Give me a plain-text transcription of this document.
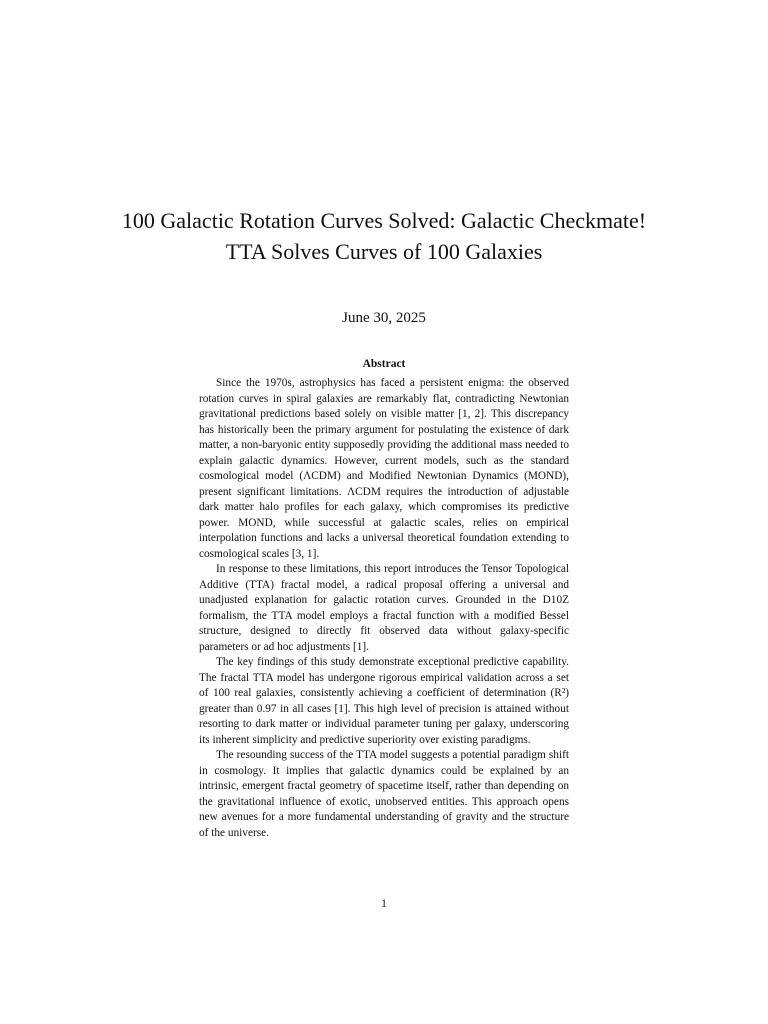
100 Galactic Rotation Curves Solved: Galactic Checkmate! TTA Solves Curves of 100 Galaxies
June 30, 2025
Abstract

Since the 1970s, astrophysics has faced a persistent enigma: the observed rotation curves in spiral galaxies are remarkably flat, contradicting Newtonian gravitational predictions based solely on visible matter [1, 2]. This discrepancy has historically been the primary argument for postulating the existence of dark matter, a non-baryonic entity supposedly providing the additional mass needed to explain galactic dynamics. However, current models, such as the standard cosmological model (ΛCDM) and Modified Newtonian Dynamics (MOND), present significant limitations. ΛCDM requires the introduction of adjustable dark matter halo profiles for each galaxy, which compromises its predictive power. MOND, while successful at galactic scales, relies on empirical interpolation functions and lacks a universal theoretical foundation extending to cosmological scales [3, 1].

In response to these limitations, this report introduces the Tensor Topological Additive (TTA) fractal model, a radical proposal offering a universal and unadjusted explanation for galactic rotation curves. Grounded in the D10Z formalism, the TTA model employs a fractal function with a modified Bessel structure, designed to directly fit observed data without galaxy-specific parameters or ad hoc adjustments [1].

The key findings of this study demonstrate exceptional predictive capability. The fractal TTA model has undergone rigorous empirical validation across a set of 100 real galaxies, consistently achieving a coefficient of determination (R²) greater than 0.97 in all cases [1]. This high level of precision is attained without resorting to dark matter or individual parameter tuning per galaxy, underscoring its inherent simplicity and predictive superiority over existing paradigms.

The resounding success of the TTA model suggests a potential paradigm shift in cosmology. It implies that galactic dynamics could be explained by an intrinsic, emergent fractal geometry of spacetime itself, rather than depending on the gravitational influence of exotic, unobserved entities. This approach opens new avenues for a more fundamental understanding of gravity and the structure of the universe.

1
